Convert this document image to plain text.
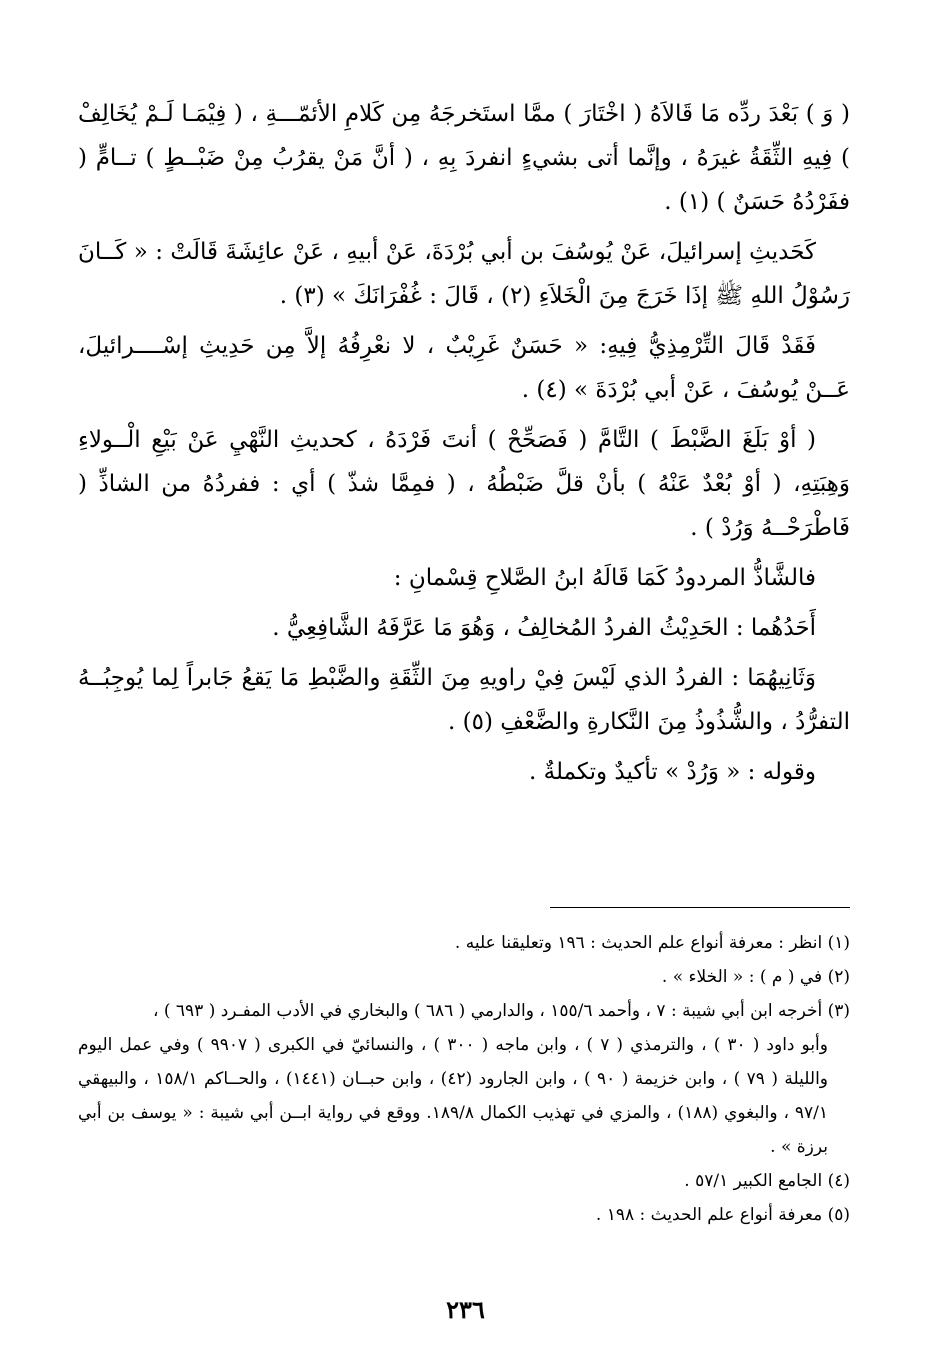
( وَ ) بَعْدَ ردِّه مَا قَالاَهُ ( اخْتَارَ ) ممَّا استَخرجَهُ مِن كَلامِ الأئمّـــةِ ، ( فِيْمَـا لَـمْ يُخَالِفْ ) فِيهِ الثِّقَةُ غيرَهُ ، وإنَّما أتى بشيءٍ انفردَ بِهِ ، ( أنَّ مَنْ يقرُبُ مِنْ ضَبْــطٍ ) تــامٍّ ( ففَرْدُهُ حَسَنٌ ) (١) .

كَحَديثِ إسرائيلَ، عَنْ يُوسُفَ بن أبي بُرْدَةَ، عَنْ أبيهِ ، عَنْ عائِشَةَ قَالَتْ : « كَــانَ رَسُوْلُ اللهِ ﷺ إذَا خَرَجَ مِنَ الْخَلاَءِ (٢) ، قَالَ : غُفْرَانَكَ » (٣) .

فَقَدْ قَالَ التِّرْمِذِيُّ فِيهِ: « حَسَنٌ غَرِيْبٌ ، لا نعْرِفُهُ إلاَّ مِن حَدِيثِ إسْــــرائيلَ، عَــنْ يُوسُفَ ، عَنْ أبي بُرْدَةَ » (٤) .

( أوْ بَلَغَ الضَّبْطَ ) التَّامَّ ( فَصَحِّحْ ) أنتَ فَرْدَهُ ، كحديثِ النَّهْيِ عَنْ بَيْعِ الْــولاءِ وَهِبَتِهِ، ( أوْ بُعْدٌ عَنْهُ ) بأنْ قلَّ ضَبْطُهُ ، ( فمِمَّا شذّ ) أي : ففردُهُ من الشاذِّ ( فَاطْرَحْــهُ وَرُدْ ) .

فالشَّاذُّ المردودُ كَمَا قَالَهُ ابنُ الصَّلاحِ قِسْمانِ :

أَحَدُهُما : الحَدِيْثُ الفردُ المُخالِفُ ، وَهُوَ مَا عَرَّفَهُ الشَّافِعِيُّ .

وَثَانِيهُمَا : الفردُ الذي لَيْسَ فِيْ راويهِ مِنَ الثِّقَةِ والضَّبْطِ مَا يَقعُ جَابراً لِما يُوجِبُــهُ التفرُّدُ ، والشُّذُوذُ مِنَ النَّكارةِ والضَّعْفِ (٥) .

وقوله : « وَرُدْ » تأكيدٌ وتكملةٌ .

(١) انظر : معرفة أنواع علم الحديث : ١٩٦ وتعليقنا عليه .

(٢) في ( م ) : « الخلاء » .

(٣) أخرجه ابن أبي شيبة : ٧ ، وأحمد ١٥٥/٦ ، والدارمي ( ٦٨٦ ) والبخاري في الأدب المفـرد ( ٦٩٣ ) ،

وأبو داود ( ٣٠ ) ، والترمذي ( ٧ ) ، وابن ماجه ( ٣٠٠ ) ، والنسائيّ في الكبرى ( ٩٩٠٧ ) وفي عمل اليوم والليلة ( ٧٩ ) ، وابن خزيمة ( ٩٠ ) ، وابن الجارود (٤٢) ، وابن حبــان (١٤٤١) ، والحــاكم ١٥٨/١ ، والبيهقي ٩٧/١ ، والبغوي (١٨٨) ، والمزي في تهذيب الكمال ١٨٩/٨. ووقع في رواية ابــن أبي شيبة : « يوسف بن أبي برزة » .

(٤) الجامع الكبير ٥٧/١ .

(٥) معرفة أنواع علم الحديث : ١٩٨ .

٢٣٦
